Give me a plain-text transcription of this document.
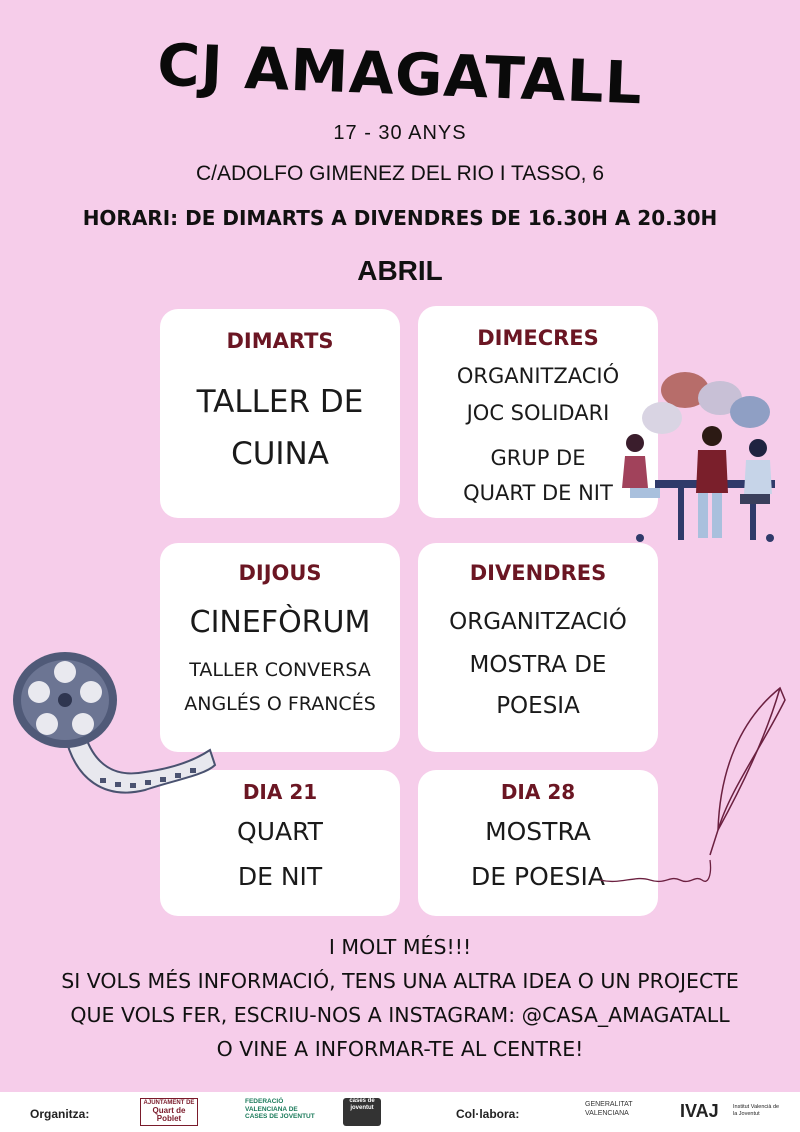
CJ AMAGATALL
17 - 30 ANYS
C/ADOLFO GIMENEZ DEL RIO I TASSO, 6
HORARI: DE DIMARTS A DIVENDRES DE 16.30H A 20.30H
ABRIL
DIMARTS
TALLER DE
CUINA
DIMECRES
ORGANITZACIÓ
JOC SOLIDARI
GRUP DE
QUART DE NIT
DIJOUS
CINEFÒRUM
TALLER CONVERSA
ANGLÉS O FRANCÉS
DIVENDRES
ORGANITZACIÓ
MOSTRA DE
POESIA
DIA 21
QUART
DE NIT
DIA 28
MOSTRA
DE POESIA
I MOLT MÉS!!!
SI VOLS MÉS INFORMACIÓ, TENS UNA ALTRA IDEA O UN PROJECTE
QUE VOLS FER, ESCRIU-NOS A INSTAGRAM: @CASA_AMAGATALL
O VINE A INFORMAR-TE AL CENTRE!
Organitza:
AJUNTAMENT DE
Quart de Poblet
FEDERACIÓ VALENCIANA DE CASES DE JOVENTUT
cases de joventut	Col·labora:
GENERALITAT VALENCIANA	IVAJ	Institut Valencià de la Joventut
